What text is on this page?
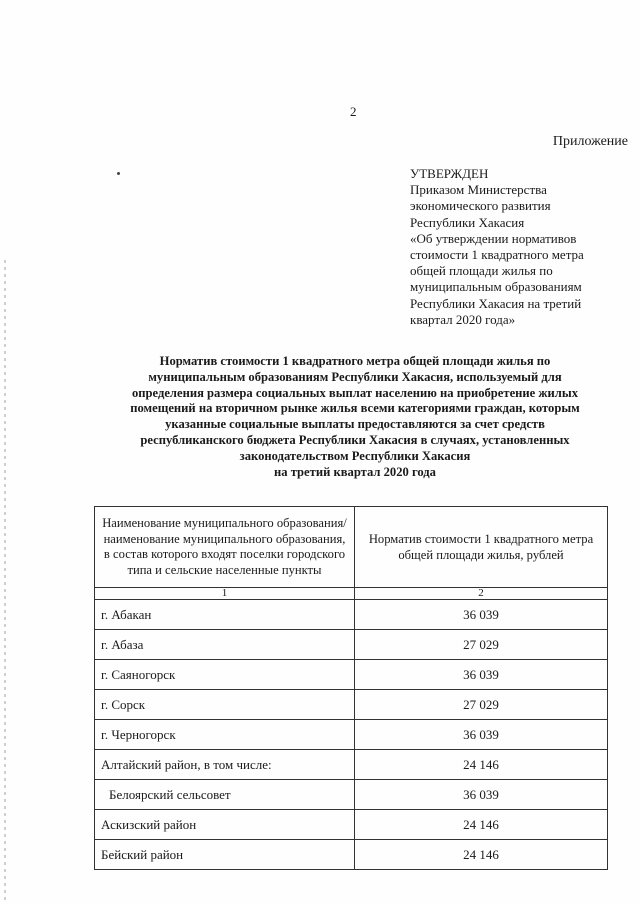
2
Приложение
УТВЕРЖДЕН
Приказом Министерства
экономического развития
Республики Хакасия
«Об утверждении нормативов
стоимости 1 квадратного метра
общей площади жилья по
муниципальным образованиям
Республики Хакасия на третий
квартал 2020 года»
Норматив стоимости 1 квадратного метра общей площади жилья по
муниципальным образованиям Республики Хакасия, используемый для
определения размера социальных выплат населению на приобретение жилых
помещений на вторичном рынке жилья всеми категориями граждан, которым
указанные социальные выплаты предоставляются за счет средств
республиканского бюджета Республики Хакасия в случаях, установленных
законодательством Республики Хакасия
на третий квартал 2020 года
Наименование муниципального образования/ наименование муниципального образования, в состав которого входят поселки городского типа и сельские населенные пункты	Норматив стоимости 1 квадратного метра общей площади жилья, рублей
1	2
г. Абакан	36 039
г. Абаза	27 029
г. Саяногорск	36 039
г. Сорск	27 029
г. Черногорск	36 039
Алтайский район, в том числе:	24 146
Белоярский сельсовет	36 039
Аскизский район	24 146
Бейский район	24 146
